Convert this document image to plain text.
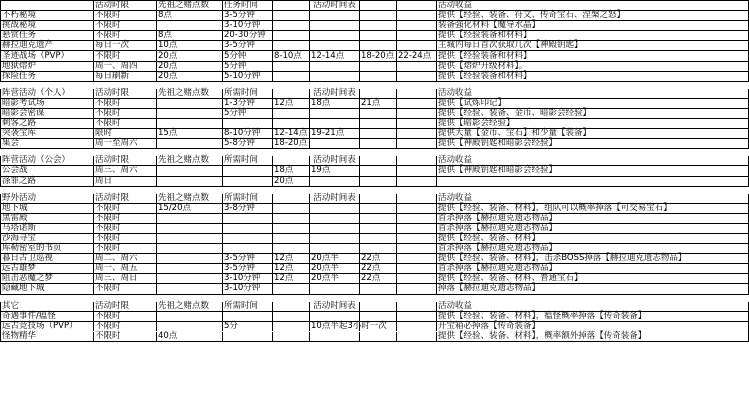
	活动时限	先祖之赌点数	任务时间		活动时间表			活动收益
不朽秘境	不限时	8点	3-5分钟					提供【经验、装备、符文、传奇宝石、涅槃之怒】
挑战秘境	不限时		3-10分钟					装备强化材料【魔导水晶】
悬赏任务	不限时	8点	20-30分钟					提供【经验装备和材料】
赫拉迪克遗产	每日一次	10点	3-5分钟					主城内每日首次获取几次【神殿钥匙】
圣迹战场（PVP）	不限时	20点	5分钟	8-10点	12-14点	18-20点	22-24点	提供【经验装备和材料】
地狱熔炉	周一、周四	20点	5分钟					提供【熔炉升级材料】。
探险任务	每日刷新	20点	5-10分钟					提供【经验装备和材料】

阵营活动（个人）	活动时限	先祖之赌点数	所需时间		活动时间表			活动收益
暗影考试场	不限时		1-3分钟	12点	18点	21点		提供【试炼印记】
暗影会密谋	不限时		5分钟					提供【经验、装备、金币、暗影会经验】
刺客之路	不限时							提供【暗影会经验】
突袭宝库	限时	15点	8-10分钟	12-14点	19-21点			提供大量【金币、宝石】和少量【装备】
集会	周一至周六		5-8分钟	18-20点				提供【神殿钥匙和暗影会经验】

阵营活动（公会）	活动时限	先祖之赌点数	所需时间		活动时间表			活动收益
公会战	周三、周六			18点	19点			提供【神殿钥匙和暗影会经验】
涤罪之路	周日			20点				

野外活动	活动时限	先祖之赌点数	所需时间		活动时间表			活动收益
地下城	不限时	15/20点	3-8分钟					提供【经验、装备、材料】，组队可以概率掉落【可交易宝石】
黑雷殿	不限时							首杀掉落【赫拉迪克遗志物品】
马塔诺斯	不限时							首杀掉落【赫拉迪克遗志物品】
沙海寻宝	不限时							提供【经验、装备、材料】
库勒密室的书页	不限时							首杀掉落【赫拉迪克遗志物品】
暮日古卫巡视	周二、周六		3-5分钟	12点	20点半	22点		提供【经验、装备、材料】，击杀BOSS掉落【赫拉迪克遗志物品】
远古雄梦	周一、周五		3-5分钟	12点	20点半	22点		首杀掉落【赫拉迪克遗志物品】
阻击恶魔之梦	周三、周日		3-10分钟	12点	20点半	22点		提供【经验、装备、材料、普通宝石】
隐藏地下城	不限时		3-10分钟					掉落【赫拉迪克遗志物品】

其它	活动时限	先祖之赌点数	所需时间		活动时间表			活动收益
奇遇事件/瘟怪	不限时							提供【经验、装备、材料】，瘟怪概率掉落【传奇装备】
远古竞技场（PVP）	不限时		5分		10点半起3小时一次			开宝箱必掉落【传奇装备】
怪物精华	不限时	40点						提供【经验、装备、材料】，概率额外掉落【传奇装备】
